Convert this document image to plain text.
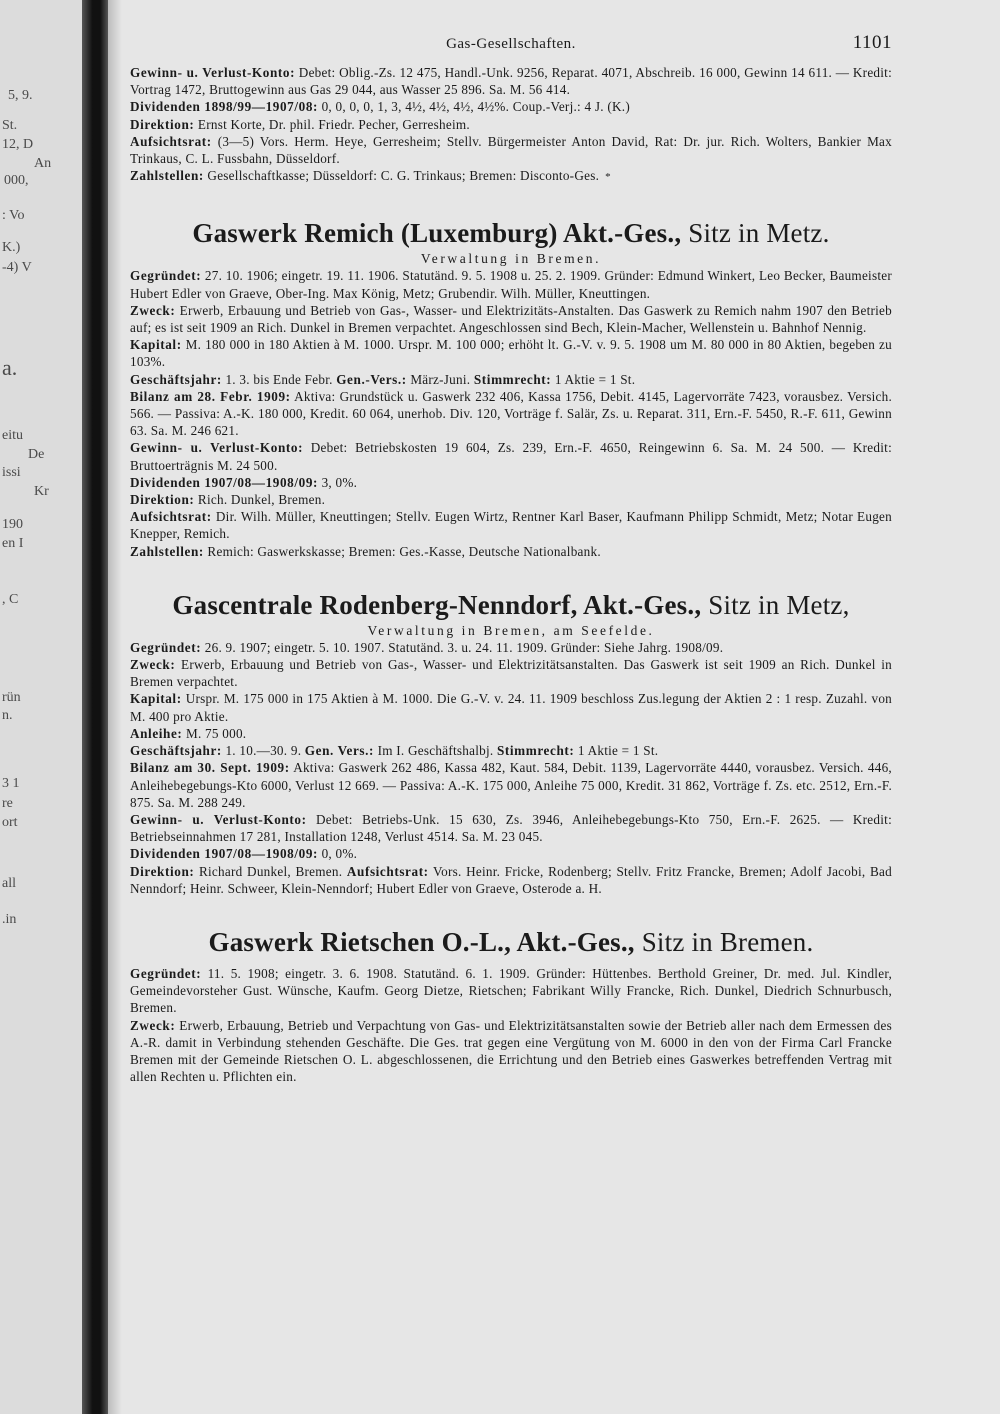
5, 9.
St.
12, D
An
000,
: Vo
K.)
-4) V
a.
eitu
De
issi
Kr
190
en I
, C
rün
n.
3 1
re
ort
all
.in
Gas-Gesellschaften.	1101

Gewinn- u. Verlust-Konto: Debet: Oblig.-Zs. 12 475, Handl.-Unk. 9256, Reparat. 4071, Abschreib. 16 000, Gewinn 14 611. — Kredit: Vortrag 1472, Bruttogewinn aus Gas 29 044, aus Wasser 25 896. Sa. M. 56 414.

Dividenden 1898/99—1907/08: 0, 0, 0, 0, 1, 3, 4½, 4½, 4½, 4½%. Coup.-Verj.: 4 J. (K.)

Direktion: Ernst Korte, Dr. phil. Friedr. Pecher, Gerresheim.

Aufsichtsrat: (3—5) Vors. Herm. Heye, Gerresheim; Stellv. Bürgermeister Anton David, Rat: Dr. jur. Rich. Wolters, Bankier Max Trinkaus, C. L. Fussbahn, Düsseldorf.

Zahlstellen: Gesellschaftkasse; Düsseldorf: C. G. Trinkaus; Bremen: Disconto-Ges. *

Gaswerk Remich (Luxemburg) Akt.-Ges., Sitz in Metz.
Verwaltung in Bremen.

Gegründet: 27. 10. 1906; eingetr. 19. 11. 1906. Statutänd. 9. 5. 1908 u. 25. 2. 1909. Gründer: Edmund Winkert, Leo Becker, Baumeister Hubert Edler von Graeve, Ober-Ing. Max König, Metz; Grubendir. Wilh. Müller, Kneuttingen.

Zweck: Erwerb, Erbauung und Betrieb von Gas-, Wasser- und Elektrizitäts-Anstalten. Das Gaswerk zu Remich nahm 1907 den Betrieb auf; es ist seit 1909 an Rich. Dunkel in Bremen verpachtet. Angeschlossen sind Bech, Klein-Macher, Wellenstein u. Bahnhof Nennig.

Kapital: M. 180 000 in 180 Aktien à M. 1000. Urspr. M. 100 000; erhöht lt. G.-V. v. 9. 5. 1908 um M. 80 000 in 80 Aktien, begeben zu 103%.

Geschäftsjahr: 1. 3. bis Ende Febr. Gen.-Vers.: März-Juni. Stimmrecht: 1 Aktie = 1 St.

Bilanz am 28. Febr. 1909: Aktiva: Grundstück u. Gaswerk 232 406, Kassa 1756, Debit. 4145, Lagervorräte 7423, vorausbez. Versich. 566. — Passiva: A.-K. 180 000, Kredit. 60 064, unerhob. Div. 120, Vorträge f. Salär, Zs. u. Reparat. 311, Ern.-F. 5450, R.-F. 611, Gewinn 63. Sa. M. 246 621.

Gewinn- u. Verlust-Konto: Debet: Betriebskosten 19 604, Zs. 239, Ern.-F. 4650, Reingewinn 6. Sa. M. 24 500. — Kredit: Bruttoerträgnis M. 24 500.

Dividenden 1907/08—1908/09: 3, 0%.

Direktion: Rich. Dunkel, Bremen.

Aufsichtsrat: Dir. Wilh. Müller, Kneuttingen; Stellv. Eugen Wirtz, Rentner Karl Baser, Kaufmann Philipp Schmidt, Metz; Notar Eugen Knepper, Remich.

Zahlstellen: Remich: Gaswerkskasse; Bremen: Ges.-Kasse, Deutsche Nationalbank.

Gascentrale Rodenberg-Nenndorf, Akt.-Ges., Sitz in Metz,
Verwaltung in Bremen, am Seefelde.

Gegründet: 26. 9. 1907; eingetr. 5. 10. 1907. Statutänd. 3. u. 24. 11. 1909. Gründer: Siehe Jahrg. 1908/09.

Zweck: Erwerb, Erbauung und Betrieb von Gas-, Wasser- und Elektrizitätsanstalten. Das Gaswerk ist seit 1909 an Rich. Dunkel in Bremen verpachtet.

Kapital: Urspr. M. 175 000 in 175 Aktien à M. 1000. Die G.-V. v. 24. 11. 1909 beschloss Zus.legung der Aktien 2 : 1 resp. Zuzahl. von M. 400 pro Aktie.

Anleihe: M. 75 000.

Geschäftsjahr: 1. 10.—30. 9. Gen. Vers.: Im I. Geschäftshalbj. Stimmrecht: 1 Aktie = 1 St.

Bilanz am 30. Sept. 1909: Aktiva: Gaswerk 262 486, Kassa 482, Kaut. 584, Debit. 1139, Lagervorräte 4440, vorausbez. Versich. 446, Anleihebegebungs-Kto 6000, Verlust 12 669. — Passiva: A.-K. 175 000, Anleihe 75 000, Kredit. 31 862, Vorträge f. Zs. etc. 2512, Ern.-F. 875. Sa. M. 288 249.

Gewinn- u. Verlust-Konto: Debet: Betriebs-Unk. 15 630, Zs. 3946, Anleihebegebungs-Kto 750, Ern.-F. 2625. — Kredit: Betriebseinnahmen 17 281, Installation 1248, Verlust 4514. Sa. M. 23 045.

Dividenden 1907/08—1908/09: 0, 0%.

Direktion: Richard Dunkel, Bremen. Aufsichtsrat: Vors. Heinr. Fricke, Rodenberg; Stellv. Fritz Francke, Bremen; Adolf Jacobi, Bad Nenndorf; Heinr. Schweer, Klein-Nenndorf; Hubert Edler von Graeve, Osterode a. H.

Gaswerk Rietschen O.-L., Akt.-Ges., Sitz in Bremen.

Gegründet: 11. 5. 1908; eingetr. 3. 6. 1908. Statutänd. 6. 1. 1909. Gründer: Hüttenbes. Berthold Greiner, Dr. med. Jul. Kindler, Gemeindevorsteher Gust. Wünsche, Kaufm. Georg Dietze, Rietschen; Fabrikant Willy Francke, Rich. Dunkel, Diedrich Schnurbusch, Bremen.

Zweck: Erwerb, Erbauung, Betrieb und Verpachtung von Gas- und Elektrizitätsanstalten sowie der Betrieb aller nach dem Ermessen des A.-R. damit in Verbindung stehenden Geschäfte. Die Ges. trat gegen eine Vergütung von M. 6000 in den von der Firma Carl Francke Bremen mit der Gemeinde Rietschen O. L. abgeschlossenen, die Errichtung und den Betrieb eines Gaswerkes betreffenden Vertrag mit allen Rechten u. Pflichten ein.
